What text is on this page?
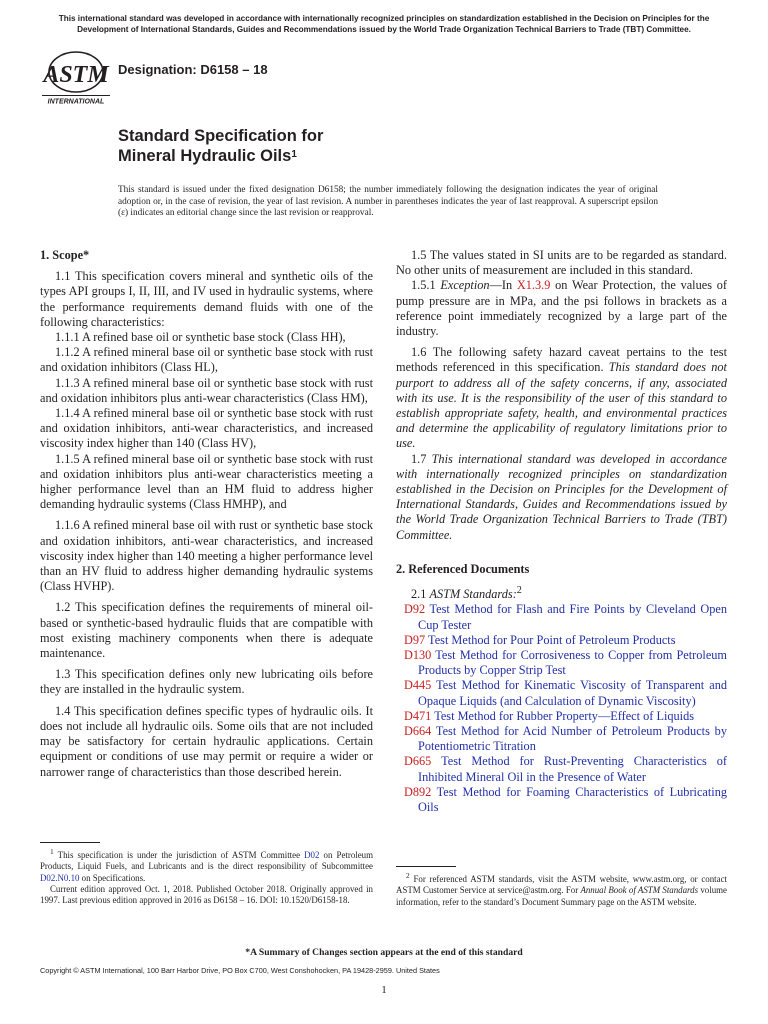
This international standard was developed in accordance with internationally recognized principles on standardization established in the Decision on Principles for the
Development of International Standards, Guides and Recommendations issued by the World Trade Organization Technical Barriers to Trade (TBT) Committee.
ASTM
INTERNATIONAL
Designation: D6158 – 18
Standard Specification for
Mineral Hydraulic Oils$^1$
This standard is issued under the fixed designation D6158; the number immediately following the designation indicates the year of original adoption or, in the case of revision, the year of last revision. A number in parentheses indicates the year of last reapproval. A superscript epsilon (ε) indicates an editorial change since the last revision or reapproval.

1. Scope*

1.1 This specification covers mineral and synthetic oils of the types API groups I, II, III, and IV used in hydraulic systems, where the performance requirements demand fluids with one of the following characteristics:

1.1.1 A refined base oil or synthetic base stock (Class HH),

1.1.2 A refined mineral base oil or synthetic base stock with rust and oxidation inhibitors (Class HL),

1.1.3 A refined mineral base oil or synthetic base stock with rust and oxidation inhibitors plus anti-wear characteristics (Class HM),

1.1.4 A refined mineral base oil or synthetic base stock with rust and oxidation inhibitors, anti-wear characteristics, and increased viscosity index higher than 140 (Class HV),

1.1.5 A refined mineral base oil or synthetic base stock with rust and oxidation inhibitors plus anti-wear characteristics meeting a higher performance level than an HM fluid to address higher demanding hydraulic systems (Class HMHP), and

1.1.6 A refined mineral base oil with rust or synthetic base stock and oxidation inhibitors, anti-wear characteristics, and increased viscosity index higher than 140 meeting a higher performance level than an HV fluid to address higher demanding hydraulic systems (Class HVHP).

1.2 This specification defines the requirements of mineral oil-based or synthetic-based hydraulic fluids that are compatible with most existing machinery components when there is adequate maintenance.

1.3 This specification defines only new lubricating oils before they are installed in the hydraulic system.

1.4 This specification defines specific types of hydraulic oils. It does not include all hydraulic oils. Some oils that are not included may be satisfactory for certain hydraulic applications. Certain equipment or conditions of use may permit or require a wider or narrower range of characteristics than those described herein.

1.5 The values stated in SI units are to be regarded as standard. No other units of measurement are included in this standard.

1.5.1 Exception—In X1.3.9 on Wear Protection, the values of pump pressure are in MPa, and the psi follows in brackets as a reference point immediately recognized by a large part of the industry.

1.6 The following safety hazard caveat pertains to the test methods referenced in this specification. This standard does not purport to address all of the safety concerns, if any, associated with its use. It is the responsibility of the user of this standard to establish appropriate safety, health, and environmental practices and determine the applicability of regulatory limitations prior to use.

1.7 This international standard was developed in accordance with internationally recognized principles on standardization established in the Decision on Principles for the Development of International Standards, Guides and Recommendations issued by the World Trade Organization Technical Barriers to Trade (TBT) Committee.

2. Referenced Documents

2.1 ASTM Standards:$^2$

D92 Test Method for Flash and Fire Points by Cleveland Open Cup Tester

D97 Test Method for Pour Point of Petroleum Products

D130 Test Method for Corrosiveness to Copper from Petroleum Products by Copper Strip Test

D445 Test Method for Kinematic Viscosity of Transparent and Opaque Liquids (and Calculation of Dynamic Viscosity)

D471 Test Method for Rubber Property—Effect of Liquids

D664 Test Method for Acid Number of Petroleum Products by Potentiometric Titration

D665 Test Method for Rust-Preventing Characteristics of Inhibited Mineral Oil in the Presence of Water

D892 Test Method for Foaming Characteristics of Lubricating Oils

$^1$ This specification is under the jurisdiction of ASTM Committee D02 on Petroleum Products, Liquid Fuels, and Lubricants and is the direct responsibility of Subcommittee D02.N0.10 on Specifications.

Current edition approved Oct. 1, 2018. Published October 2018. Originally approved in 1997. Last previous edition approved in 2016 as D6158 – 16. DOI: 10.1520/D6158-18.

$^2$ For referenced ASTM standards, visit the ASTM website, www.astm.org, or contact ASTM Customer Service at service@astm.org. For Annual Book of ASTM Standards volume information, refer to the standard’s Document Summary page on the ASTM website.

*A Summary of Changes section appears at the end of this standard
Copyright © ASTM International, 100 Barr Harbor Drive, PO Box C700, West Conshohocken, PA 19428-2959. United States
1
